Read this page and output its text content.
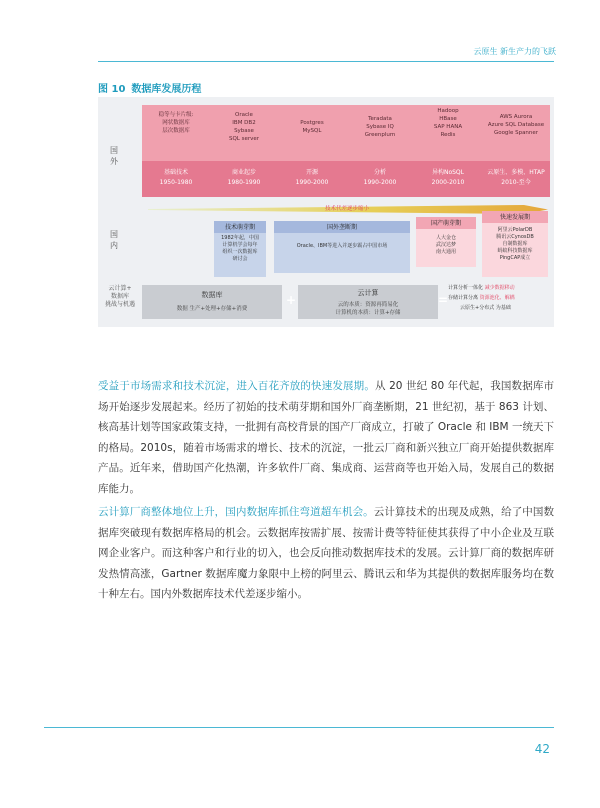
云原生 新生产力的飞跃
图 10 数据库发展历程
国
外
国
内
云计算+
数据库
挑战与机遇
稳等与卡片级:
网状数据库
层次数据库
基础技术
1950-1980
Oracle
IBM DB2
Sybase
SQL server
商业起步
1980-1990
Postgres
MySQL
开源
1990-2000
Teradata
Sybase IQ
Greenplum
分析
1990-2000
Hadoop
HBase
SAP HANA
Redis
异构NoSQL
2000-2010
AWS Aurora
Azure SQL Database
Google Spanner
云原生、多模、HTAP
2010-至今
技术代差逐步缩小
技术萌芽期
1982年起，中国
计算机学会每年
组织一次数据库
研讨会
国外垄断期
Oracle、IBM等进入并逐步霸占中国市场
国产萌芽期
人大金仓
武汉达梦
南大通用
快速发展期
阿里云PolarDB
腾讯云CynosDB
自制数据库
蚂蚁科技数据库
PingCAP成立
数据库
数据 生产+处理+存储+消费
+	云计算
云的本质：资源再简易化
计算机的本质：计算+存储
=
计算分析一体化 减少数据移动
存储计算分离 资源池化、解耦
云原生+分布式 为基础
受益于市场需求和技术沉淀，进入百花齐放的快速发展期。从 20 世纪 80 年代起，我国数据库市场开始逐步发展起来。经历了初始的技术萌芽期和国外厂商垄断期，21 世纪初，基于 863 计划、核高基计划等国家政策支持，一批拥有高校背景的国产厂商成立，打破了 Oracle 和 IBM 一统天下的格局。2010s，随着市场需求的增长、技术的沉淀，一批云厂商和新兴独立厂商开始提供数据库产品。近年来，借助国产化热潮，许多软件厂商、集成商、运营商等也开始入局，发展自己的数据库能力。
云计算厂商整体地位上升，国内数据库抓住弯道超车机会。云计算技术的出现及成熟，给了中国数据库突破现有数据库格局的机会。云数据库按需扩展、按需计费等特征使其获得了中小企业及互联网企业客户。而这种客户和行业的切入，也会反向推动数据库技术的发展。云计算厂商的数据库研发热情高涨，Gartner 数据库魔力象限中上榜的阿里云、腾讯云和华为其提供的数据库服务均在数十种左右。国内外数据库技术代差逐步缩小。
42
